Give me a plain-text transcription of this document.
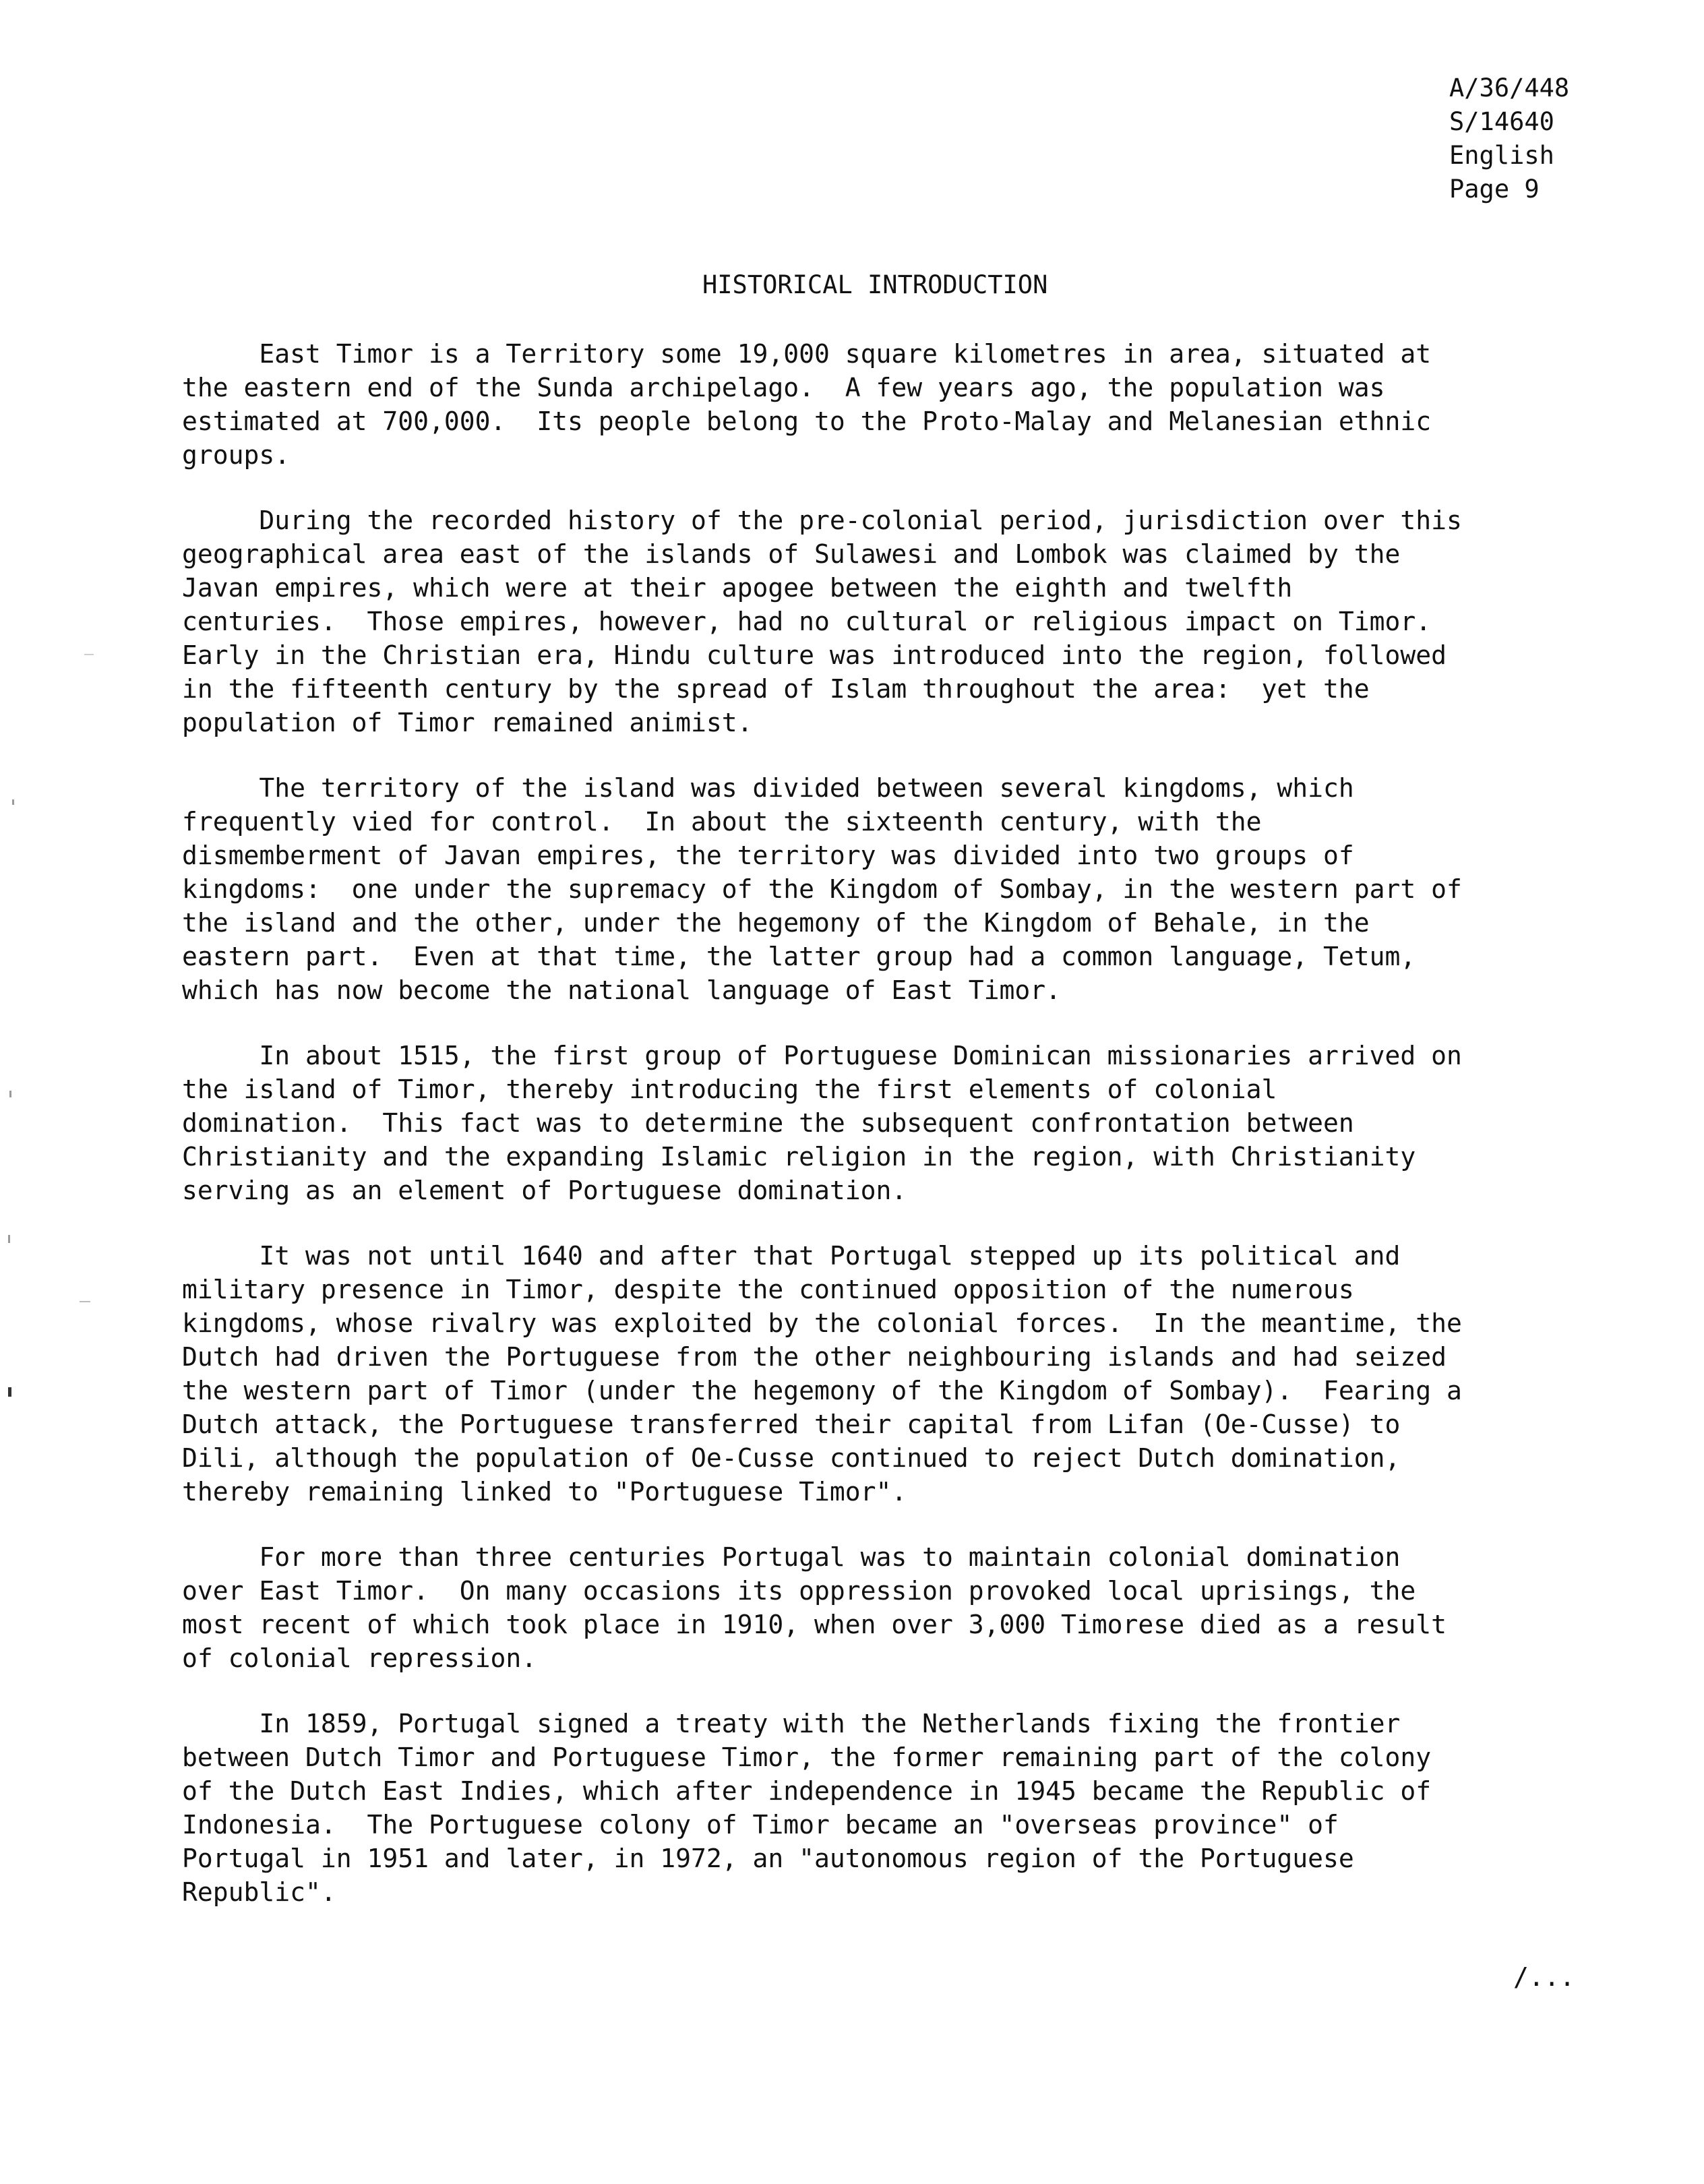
A/36/448
S/14640
English
Page 9
HISTORICAL INTRODUCTION
East Timor is a Territory some 19,000 square kilometres in area, situated at
the eastern end of the Sunda archipelago.  A few years ago, the population was
estimated at 700,000.  Its people belong to the Proto-Malay and Melanesian ethnic
groups.
During the recorded history of the pre-colonial period, jurisdiction over this
geographical area east of the islands of Sulawesi and Lombok was claimed by the
Javan empires, which were at their apogee between the eighth and twelfth
centuries.  Those empires, however, had no cultural or religious impact on Timor.
Early in the Christian era, Hindu culture was introduced into the region, followed
in the fifteenth century by the spread of Islam throughout the area:  yet the
population of Timor remained animist.
The territory of the island was divided between several kingdoms, which
frequently vied for control.  In about the sixteenth century, with the
dismemberment of Javan empires, the territory was divided into two groups of
kingdoms:  one under the supremacy of the Kingdom of Sombay, in the western part of
the island and the other, under the hegemony of the Kingdom of Behale, in the
eastern part.  Even at that time, the latter group had a common language, Tetum,
which has now become the national language of East Timor.
In about 1515, the first group of Portuguese Dominican missionaries arrived on
the island of Timor, thereby introducing the first elements of colonial
domination.  This fact was to determine the subsequent confrontation between
Christianity and the expanding Islamic religion in the region, with Christianity
serving as an element of Portuguese domination.
It was not until 1640 and after that Portugal stepped up its political and
military presence in Timor, despite the continued opposition of the numerous
kingdoms, whose rivalry was exploited by the colonial forces.  In the meantime, the
Dutch had driven the Portuguese from the other neighbouring islands and had seized
the western part of Timor (under the hegemony of the Kingdom of Sombay).  Fearing a
Dutch attack, the Portuguese transferred their capital from Lifan (Oe-Cusse) to
Dili, although the population of Oe-Cusse continued to reject Dutch domination,
thereby remaining linked to "Portuguese Timor".
For more than three centuries Portugal was to maintain colonial domination
over East Timor.  On many occasions its oppression provoked local uprisings, the
most recent of which took place in 1910, when over 3,000 Timorese died as a result
of colonial repression.
In 1859, Portugal signed a treaty with the Netherlands fixing the frontier
between Dutch Timor and Portuguese Timor, the former remaining part of the colony
of the Dutch East Indies, which after independence in 1945 became the Republic of
Indonesia.  The Portuguese colony of Timor became an "overseas province" of
Portugal in 1951 and later, in 1972, an "autonomous region of the Portuguese
Republic".
/...
